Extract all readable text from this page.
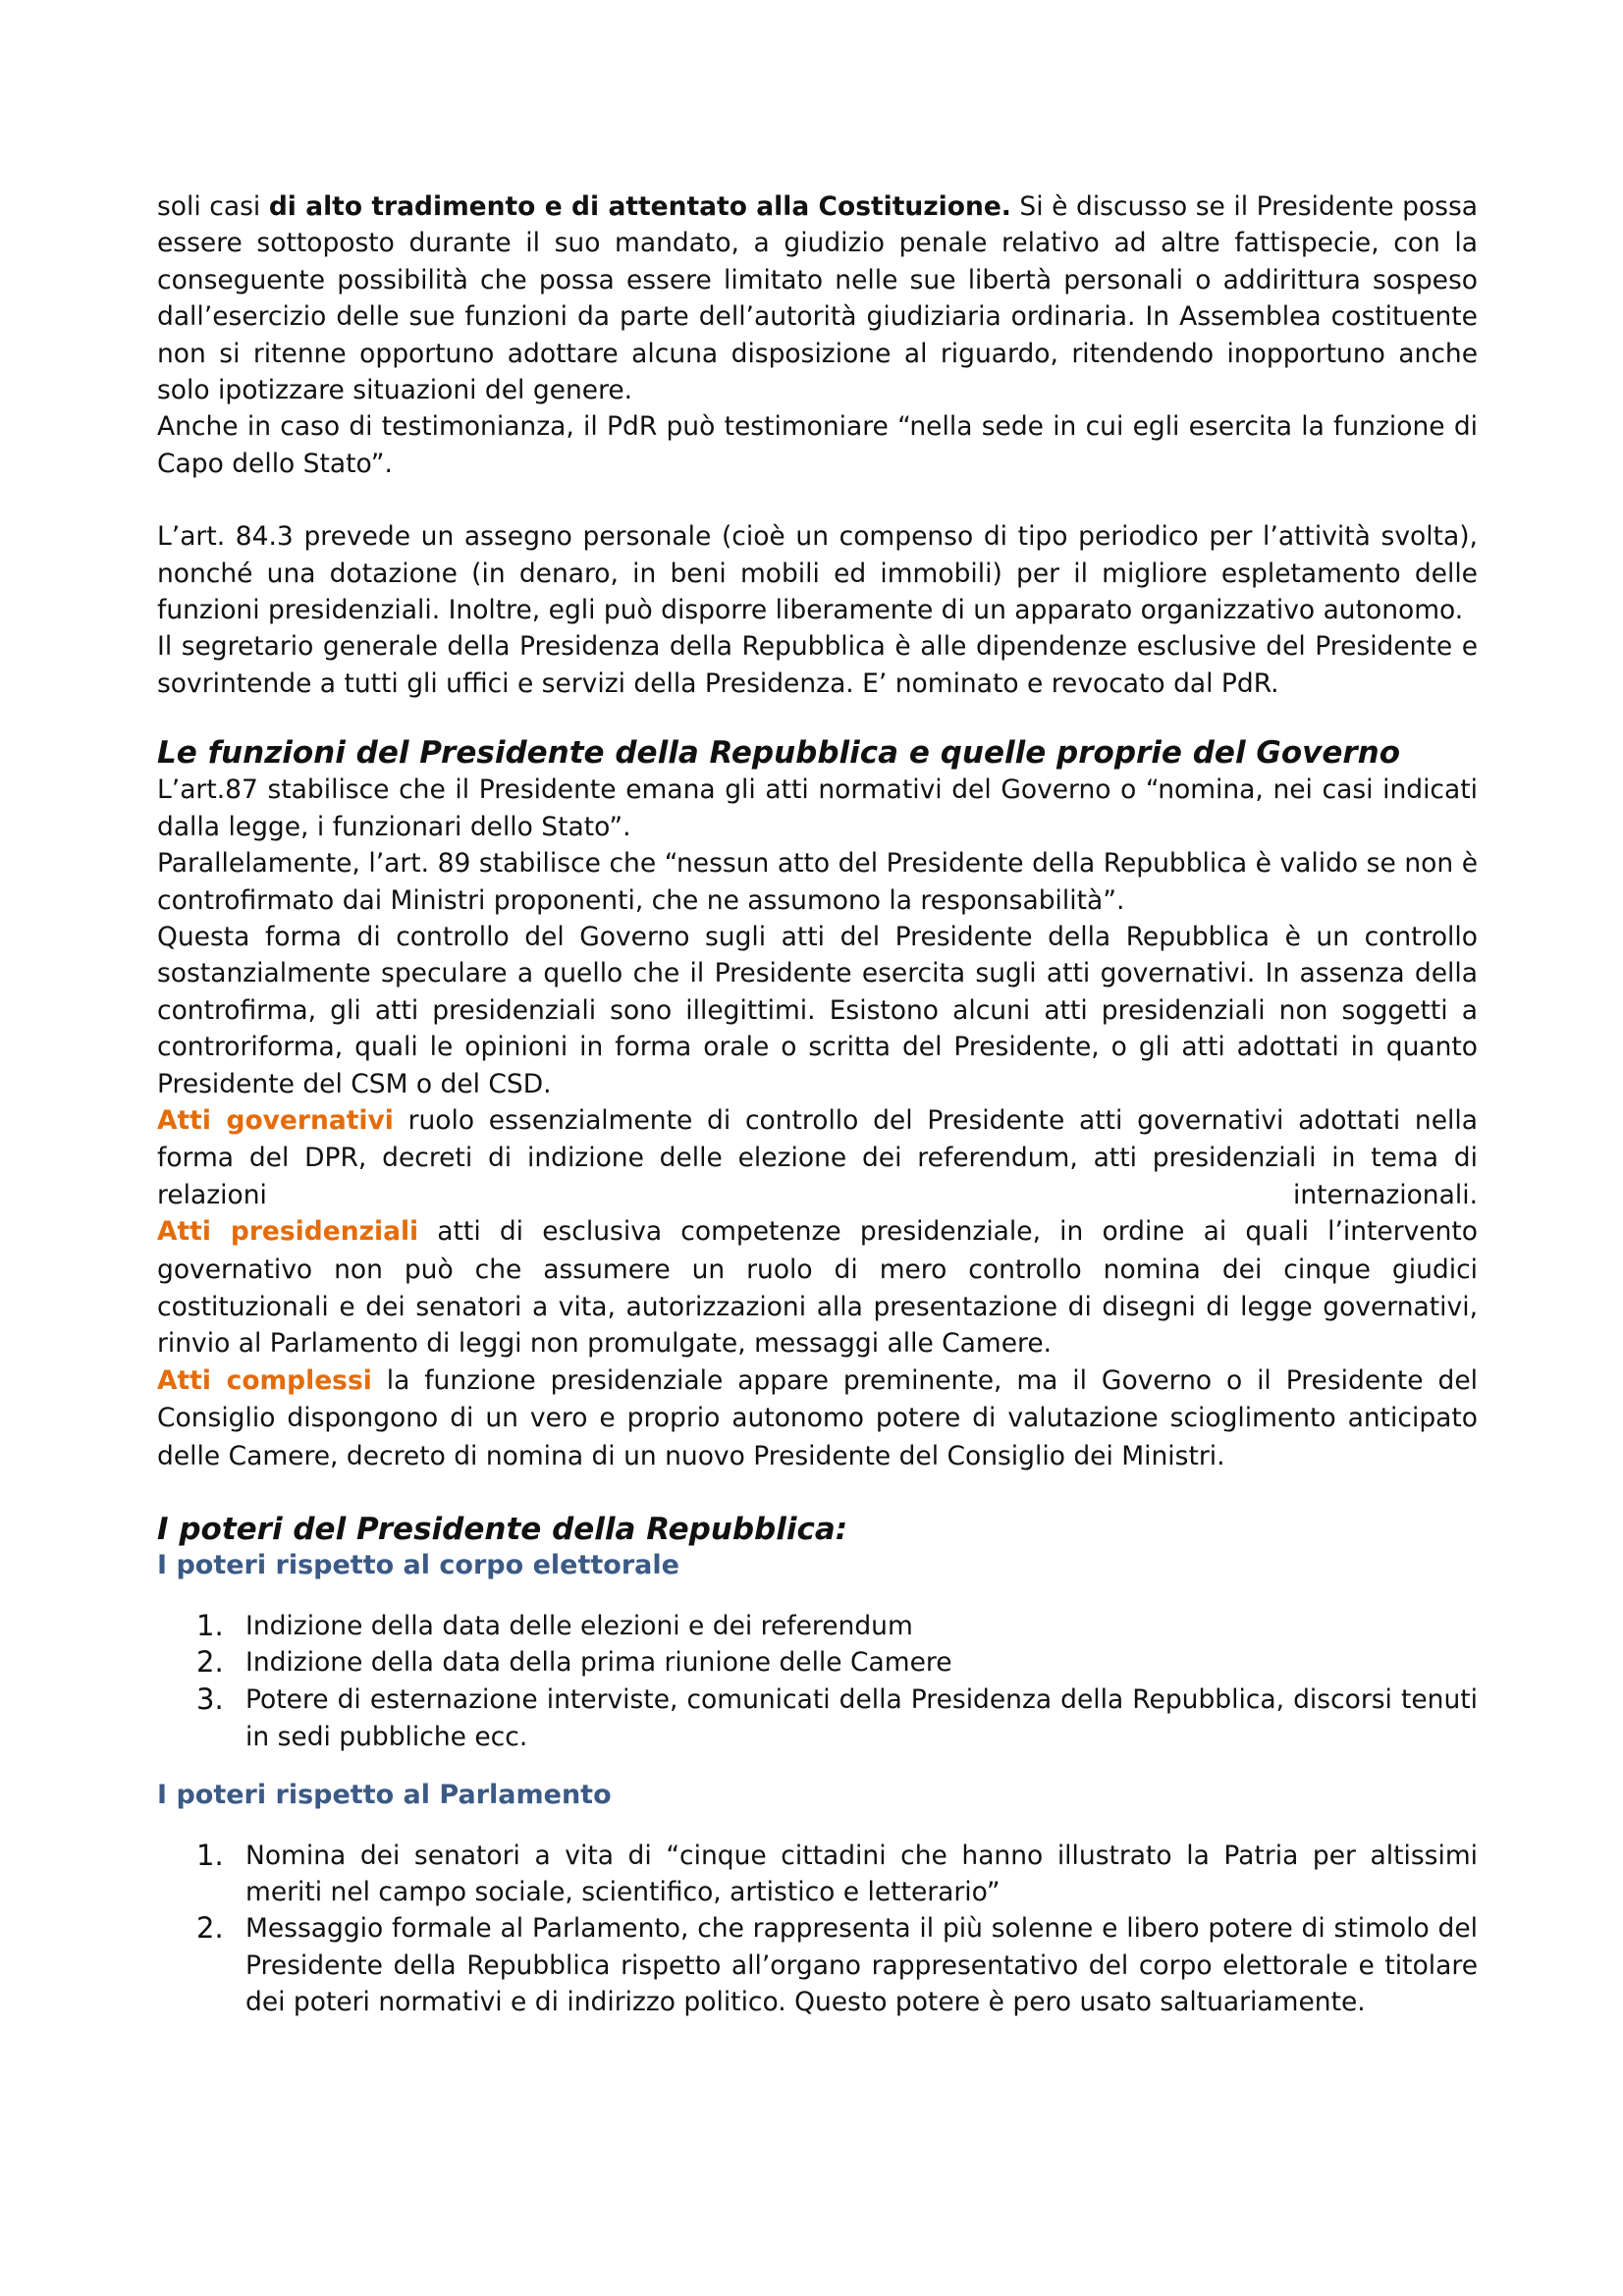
soli casi di alto tradimento e di attentato alla Costituzione. Si è discusso se il Presidente possa essere sottoposto durante il suo mandato, a giudizio penale relativo ad altre fattispecie, con la conseguente possibilità che possa essere limitato nelle sue libertà personali o addirittura sospeso dall’esercizio delle sue funzioni da parte dell’autorità giudiziaria ordinaria. In Assemblea costituente non si ritenne opportuno adottare alcuna disposizione al riguardo, ritendendo inopportuno anche solo ipotizzare situazioni del genere.

Anche in caso di testimonianza, il PdR può testimoniare “nella sede in cui egli esercita la funzione di Capo dello Stato”.

L’art. 84.3 prevede un assegno personale (cioè un compenso di tipo periodico per l’attività svolta), nonché una dotazione (in denaro, in beni mobili ed immobili) per il migliore espletamento delle funzioni presidenziali. Inoltre, egli può disporre liberamente di un apparato organizzativo autonomo.

Il segretario generale della Presidenza della Repubblica è alle dipendenze esclusive del Presidente e sovrintende a tutti gli uffici e servizi della Presidenza. E’ nominato e revocato dal PdR.

Le funzioni del Presidente della Repubblica e quelle proprie del Governo

L’art.87 stabilisce che il Presidente emana gli atti normativi del Governo o “nomina, nei casi indicati dalla legge, i funzionari dello Stato”.

Parallelamente, l’art. 89 stabilisce che “nessun atto del Presidente della Repubblica è valido se non è controfirmato dai Ministri proponenti, che ne assumono la responsabilità”.

Questa forma di controllo del Governo sugli atti del Presidente della Repubblica è un controllo sostanzialmente speculare a quello che il Presidente esercita sugli atti governativi. In assenza della controfirma, gli atti presidenziali sono illegittimi. Esistono alcuni atti presidenziali non soggetti a controriforma, quali le opinioni in forma orale o scritta del Presidente, o gli atti adottati in quanto Presidente del CSM o del CSD.

Atti governativi ruolo essenzialmente di controllo del Presidente atti governativi adottati nella forma del DPR, decreti di indizione delle elezione dei referendum, atti presidenziali in tema di relazioni internazionali.

Atti presidenziali atti di esclusiva competenze presidenziale, in ordine ai quali l’intervento governativo non può che assumere un ruolo di mero controllo nomina dei cinque giudici costituzionali e dei senatori a vita, autorizzazioni alla presentazione di disegni di legge governativi, rinvio al Parlamento di leggi non promulgate, messaggi alle Camere.

Atti complessi la funzione presidenziale appare preminente, ma il Governo o il Presidente del Consiglio dispongono di un vero e proprio autonomo potere di valutazione scioglimento anticipato delle Camere, decreto di nomina di un nuovo Presidente del Consiglio dei Ministri.

I poteri del Presidente della Repubblica:
I poteri rispetto al corpo elettorale
1. Indizione della data delle elezioni e dei referendum
2. Indizione della data della prima riunione delle Camere
3. Potere di esternazione interviste, comunicati della Presidenza della Repubblica, discorsi tenuti in sedi pubbliche ecc.
I poteri rispetto al Parlamento
1. Nomina dei senatori a vita di “cinque cittadini che hanno illustrato la Patria per altissimi meriti nel campo sociale, scientifico, artistico e letterario”
2. Messaggio formale al Parlamento, che rappresenta il più solenne e libero potere di stimolo del Presidente della Repubblica rispetto all’organo rappresentativo del corpo elettorale e titolare dei poteri normativi e di indirizzo politico. Questo potere è pero usato saltuariamente.
